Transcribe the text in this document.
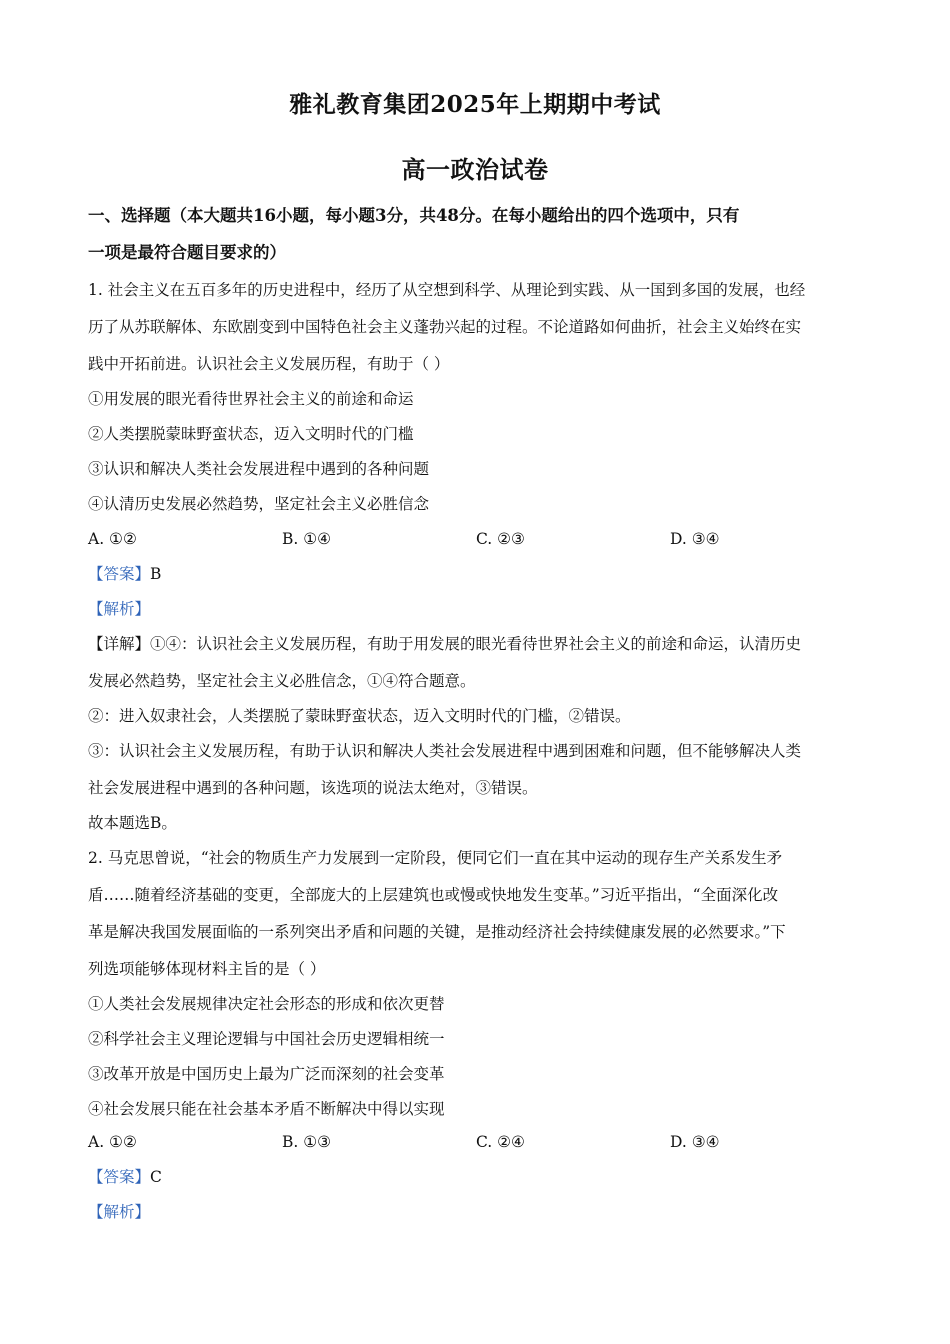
雅礼教育集团2025年上期期中考试
高一政治试卷
一、选择题（本大题共16小题，每小题3分，共48分。在每小题给出的四个选项中，只有
一项是最符合题目要求的）
1. 社会主义在五百多年的历史进程中，经历了从空想到科学、从理论到实践、从一国到多国的发展，也经
历了从苏联解体、东欧剧变到中国特色社会主义蓬勃兴起的过程。不论道路如何曲折，社会主义始终在实
践中开拓前进。认识社会主义发展历程，有助于（ ）
①用发展的眼光看待世界社会主义的前途和命运
②人类摆脱蒙昧野蛮状态，迈入文明时代的门槛
③认识和解决人类社会发展进程中遇到的各种问题
④认清历史发展必然趋势，坚定社会主义必胜信念
A. ①②	B. ①④	C. ②③	D. ③④
【答案】B
【解析】
【详解】①④：认识社会主义发展历程，有助于用发展的眼光看待世界社会主义的前途和命运，认清历史
发展必然趋势，坚定社会主义必胜信念，①④符合题意。
②：进入奴隶社会，人类摆脱了蒙昧野蛮状态，迈入文明时代的门槛，②错误。
③：认识社会主义发展历程，有助于认识和解决人类社会发展进程中遇到困难和问题，但不能够解决人类
社会发展进程中遇到的各种问题，该选项的说法太绝对，③错误。
故本题选B。
2. 马克思曾说，“社会的物质生产力发展到一定阶段，便同它们一直在其中运动的现存生产关系发生矛
盾……随着经济基础的变更，全部庞大的上层建筑也或慢或快地发生变革。”习近平指出，“全面深化改
革是解决我国发展面临的一系列突出矛盾和问题的关键，是推动经济社会持续健康发展的必然要求。”下
列选项能够体现材料主旨的是（ ）
①人类社会发展规律决定社会形态的形成和依次更替
②科学社会主义理论逻辑与中国社会历史逻辑相统一
③改革开放是中国历史上最为广泛而深刻的社会变革
④社会发展只能在社会基本矛盾不断解决中得以实现
A. ①②	B. ①③	C. ②④	D. ③④
【答案】C
【解析】
